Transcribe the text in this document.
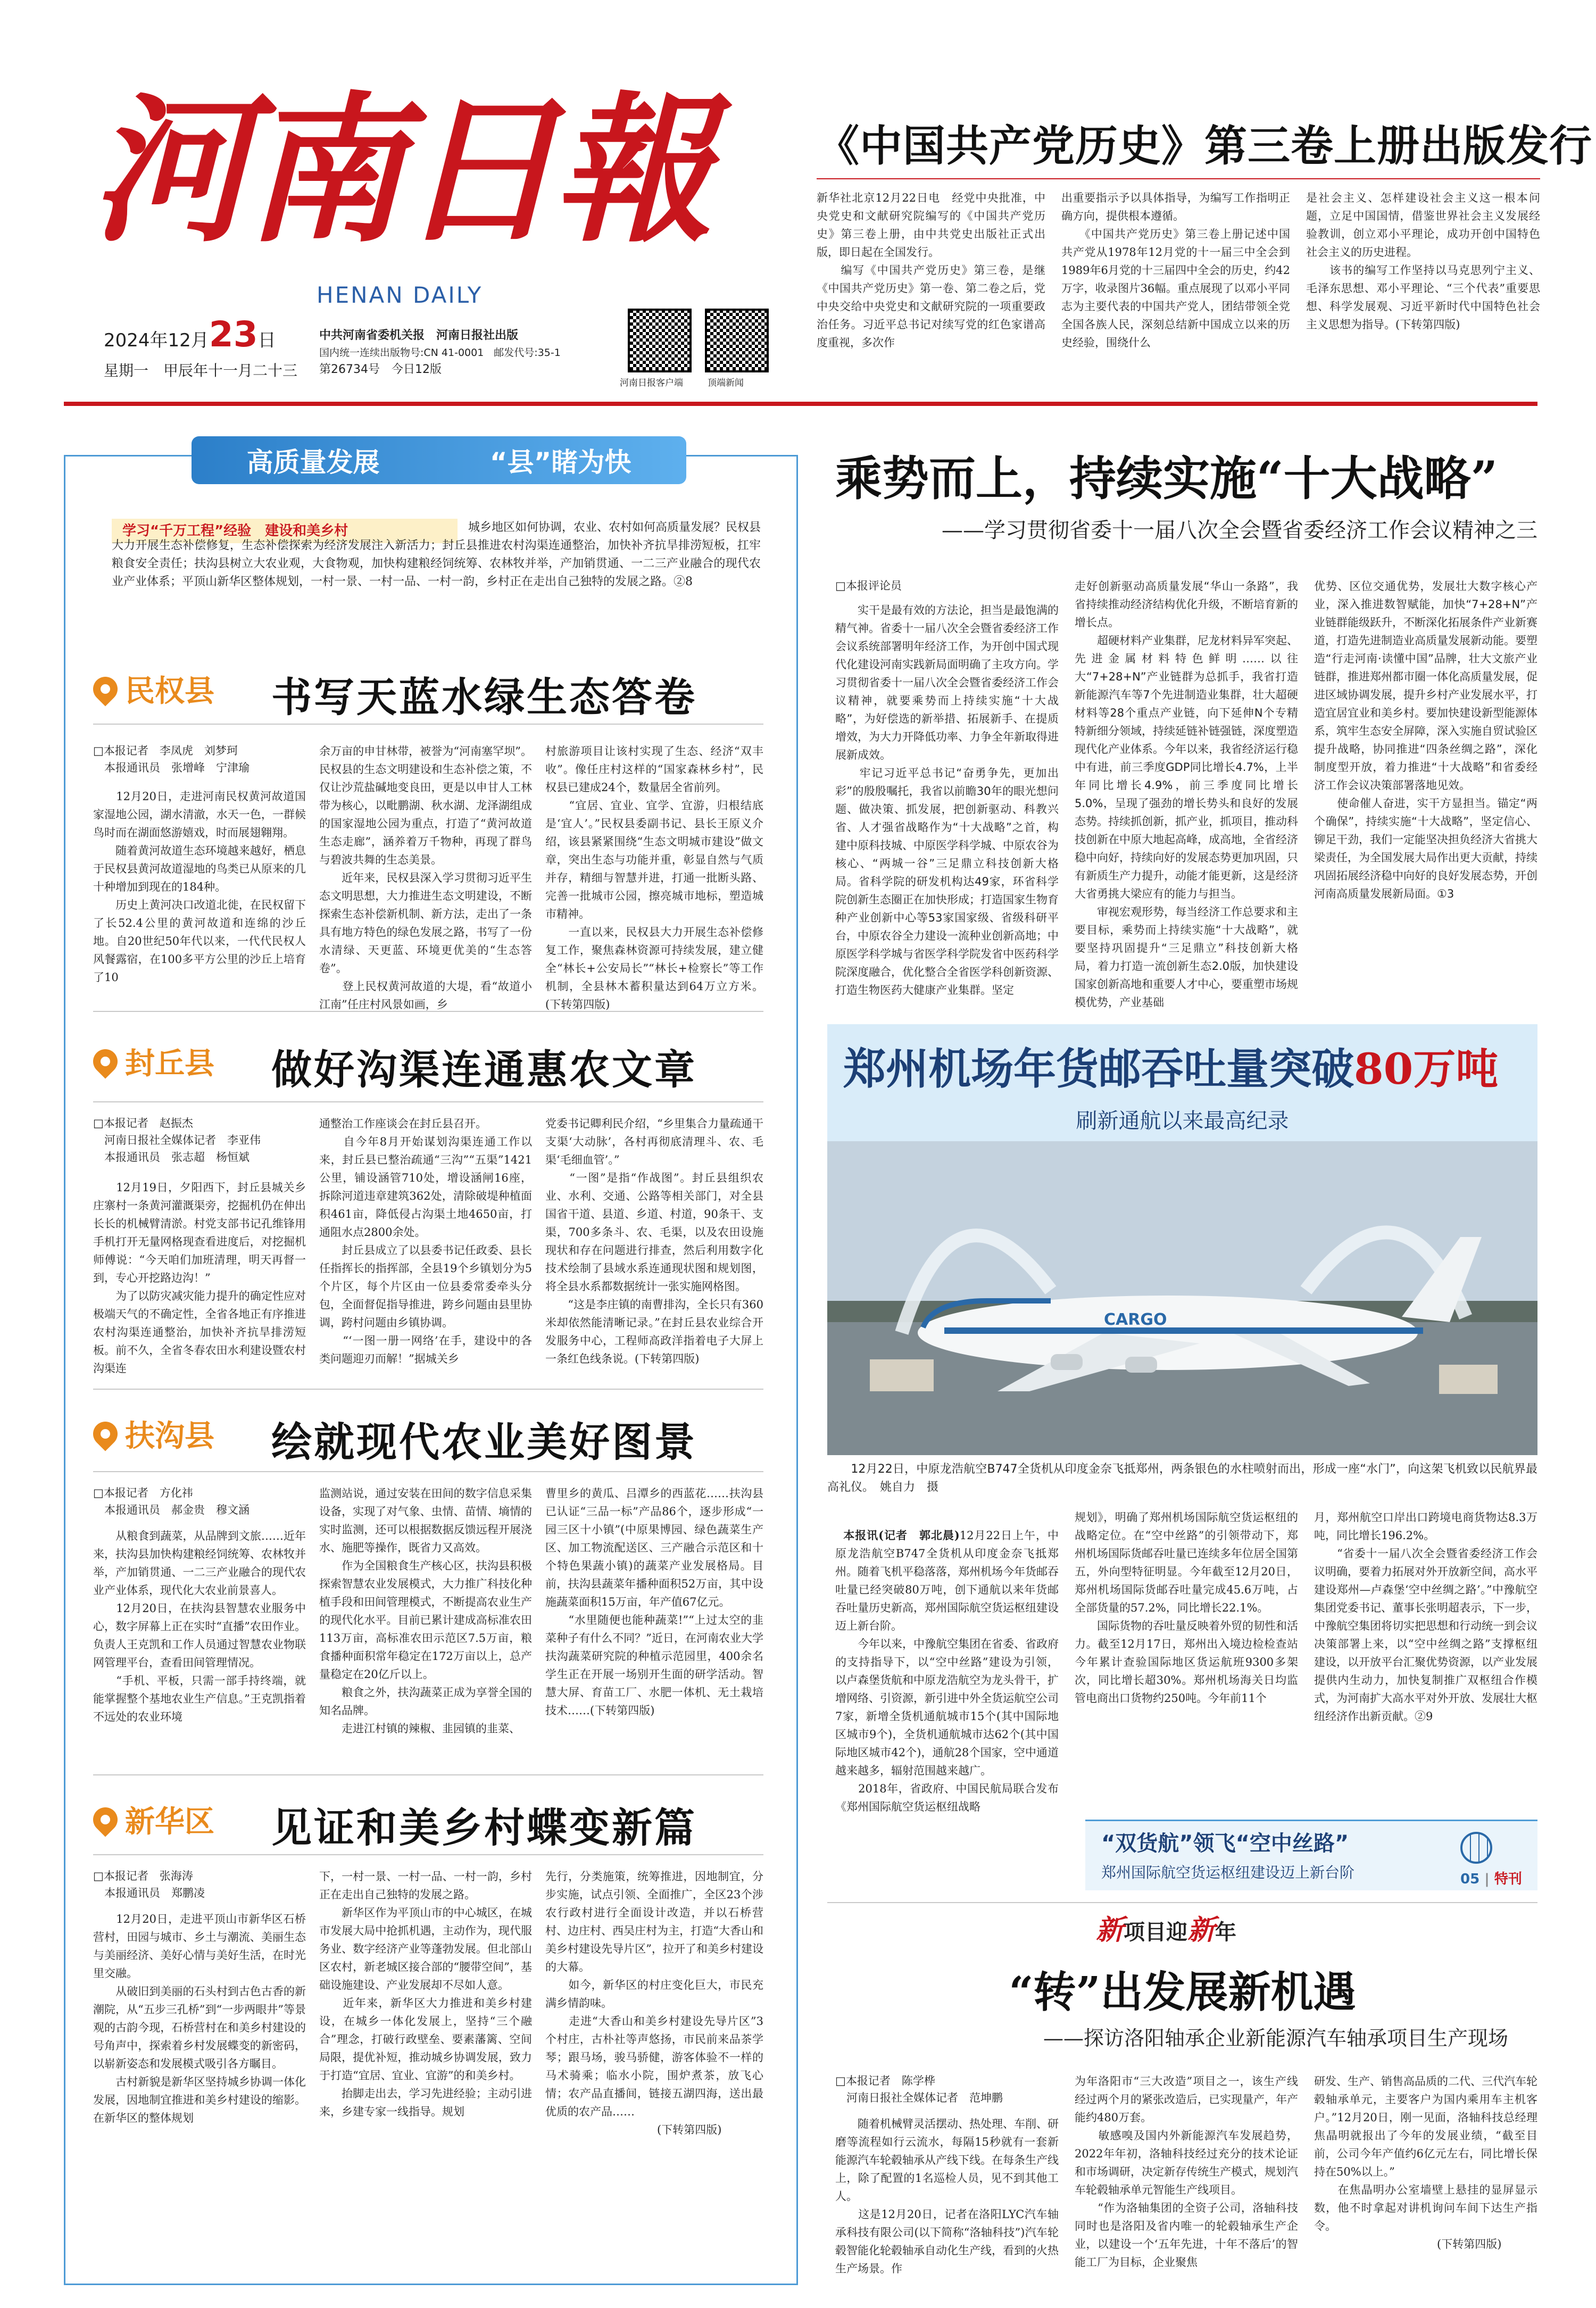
河南日報
HENAN DAILY
2024年12月23日
星期一　甲辰年十一月二十三
中共河南省委机关报　河南日报社出版
国内统一连续出版物号:CN 41-0001　邮发代号:35-1
第26734号　今日12版
河南日报客户端	顶端新闻
《中国共产党历史》第三卷上册出版发行
新华社北京12月22日电　经党中央批准，中央党史和文献研究院编写的《中国共产党历史》第三卷上册，由中共党史出版社正式出版，即日起在全国发行。
　　编写《中国共产党历史》第三卷，是继《中国共产党历史》第一卷、第二卷之后，党中央交给中央党史和文献研究院的一项重要政治任务。习近平总书记对续写党的红色家谱高度重视，多次作
出重要指示予以具体指导，为编写工作指明正确方向，提供根本遵循。
　　《中国共产党历史》第三卷上册记述中国共产党从1978年12月党的十一届三中全会到1989年6月党的十三届四中全会的历史，约42万字，收录图片36幅。重点展现了以邓小平同志为主要代表的中国共产党人，团结带领全党全国各族人民，深刻总结新中国成立以来的历史经验，围绕什么
是社会主义、怎样建设社会主义这一根本问题，立足中国国情，借鉴世界社会主义发展经验教训，创立邓小平理论，成功开创中国特色社会主义的历史进程。
　　该书的编写工作坚持以马克思列宁主义、毛泽东思想、邓小平理论、“三个代表”重要思想、科学发展观、习近平新时代中国特色社会主义思想为指导。(下转第四版)
高质量发展	“县”睹为快
学习“千万工程”经验　建设和美乡村	城乡地区如何协调，农业、农村如何高质量发展？民权县大力开展生态补偿修复，生态补偿探索为经济发展注入新活力；封丘县推进农村沟渠连通整治，加快补齐抗旱排涝短板，扛牢粮食安全责任；扶沟县树立大农业观，大食物观，加快构建粮经饲统筹、农林牧并举，产加销贯通、一二三产业融合的现代农业产业体系；平顶山新华区整体规划，一村一景、一村一品、一村一韵，乡村正在走出自己独特的发展之路。②8
民权县 书写天蓝水绿生态答卷
□本报记者　李凤虎　刘梦珂
　本报通讯员　张增峰　宁津瑜
　　12月20日，走进河南民权黄河故道国家湿地公园，湖水清澈，水天一色，一群候鸟时而在湖面悠游嬉戏，时而展翅翱翔。
　　随着黄河故道生态环境越来越好，栖息于民权县黄河故道湿地的鸟类已从原来的几十种增加到现在的184种。
　　历史上黄河决口改道北徙，在民权留下了长52.4公里的黄河故道和连绵的沙丘地。自20世纪50年代以来，一代代民权人风餐露宿，在100多平方公里的沙丘上培育了10
余万亩的申甘林带，被誉为“河南塞罕坝”。民权县的生态文明建设和生态补偿之策，不仅让沙荒盐碱地变良田，更是以申甘人工林带为核心，以毗鹏湖、秋水湖、龙泽湖组成的国家湿地公园为重点，打造了“黄河故道生态走廊”，涵养着万千物种，再现了群鸟与碧波共舞的生态美景。
　　近年来，民权县深入学习贯彻习近平生态文明思想，大力推进生态文明建设，不断探索生态补偿新机制、新方法，走出了一条具有地方特色的绿色发展之路，书写了一份水清绿、天更蓝、环境更优美的“生态答卷”。
　　登上民权黄河故道的大堤，看“故道小江南”任庄村风景如画，乡
村旅游项目让该村实现了生态、经济“双丰收”。像任庄村这样的“国家森林乡村”，民权县已建成24个，数量居全省前列。
　　“宜居、宜业、宜学、宜游，归根结底是‘宜人’。”民权县委副书记、县长王原义介绍，该县紧紧围绕“生态文明城市建设”做文章，突出生态与功能并重，彰显自然与气质并存，精细与智慧并进，打通一批断头路、完善一批城市公园，擦亮城市地标，塑造城市精神。
　　一直以来，民权县大力开展生态补偿修复工作，聚焦森林资源可持续发展，建立健全“林长+公安局长”“林长+检察长”等工作机制，全县林木蓄积量达到64万立方米。(下转第四版)
封丘县 做好沟渠连通惠农文章
□本报记者　赵振杰
　河南日报社全媒体记者　李亚伟
　本报通讯员　张志超　杨恒斌
　　12月19日，夕阳西下，封丘县城关乡庄寨村一条黄河灌溉渠旁，挖掘机仍在伸出长长的机械臂清淤。村党支部书记孔维锋用手机打开无量网格现查看进度后，对挖掘机师傅说：“今天咱们加班清理，明天再督一到，专心开挖路边沟！”
　　为了以防灾减灾能力提升的确定性应对极端天气的不确定性，全省各地正有序推进农村沟渠连通整治，加快补齐抗旱排涝短板。前不久，全省冬春农田水利建设暨农村沟渠连
通整治工作座谈会在封丘县召开。
　　自今年8月开始谋划沟渠连通工作以来，封丘县已整治疏通“三沟”“五渠”1421公里，铺设涵管710处，增设涵闸16座，拆除河道违章建筑362处，清除破堤种植面积461亩，降低侵占沟渠土地4650亩，打通阻水点2800余处。
　　封丘县成立了以县委书记任政委、县长任指挥长的指挥部，全县19个乡镇划分为5个片区，每个片区由一位县委常委牵头分包，全面督促指导推进，跨乡问题由县里协调，跨村问题由乡镇协调。
　　“‘一图一册一网络’在手，建设中的各类问题迎刃而解！”据城关乡
党委书记卿利民介绍，“乡里集合力量疏通干支渠‘大动脉’，各村再彻底清理斗、农、毛渠‘毛细血管’。”
　　“一图”是指“作战图”。封丘县组织农业、水利、交通、公路等相关部门，对全县国省干道、县道、乡道、村道，90条干、支渠，700多条斗、农、毛渠，以及农田设施现状和存在问题进行排查，然后利用数字化技术绘制了县域水系连通现状图和规划图，将全县水系都数据统计一张实施网格图。
　　“这是李庄镇的南曹排沟，全长只有360米却依然能清晰记录。”在封丘县农业综合开发服务中心，工程师高政洋指着电子大屏上一条红色线条说。(下转第四版)
扶沟县 绘就现代农业美好图景
□本报记者　方化祎
　本报通讯员　郝金贵　穆文涵
　　从粮食到蔬菜，从品牌到文旅……近年来，扶沟县加快构建粮经饲统筹、农林牧并举，产加销贯通、一二三产业融合的现代农业产业体系，现代化大农业前景喜人。
　　12月20日，在扶沟县智慧农业服务中心，数字屏幕上正在实时“直播”农田作业。负责人王克凯和工作人员通过智慧农业物联网管理平台，查看田间管理情况。
　　“手机、平板，只需一部手持终端，就能掌握整个基地农业生产信息。”王克凯指着不远处的农业环境
监测站说，通过安装在田间的数字信息采集设备，实现了对气象、虫情、苗情、墒情的实时监测，还可以根据数据反馈远程开展浇水、施肥等操作，既省力又高效。
　　作为全国粮食生产核心区，扶沟县积极探索智慧农业发展模式，大力推广科技化种植手段和田间管理模式，不断提高农业生产的现代化水平。目前已累计建成高标准农田113万亩，高标准农田示范区7.5万亩，粮食播种面积常年稳定在172万亩以上，总产量稳定在20亿斤以上。
　　粮食之外，扶沟蔬菜正成为享誉全国的知名品牌。
　　走进江村镇的辣椒、韭园镇的韭菜、
曹里乡的黄瓜、吕潭乡的西蓝花……扶沟县已认证“三品一标”产品86个，逐步形成“一园三区十小镇”(中原果博园、绿色蔬菜生产区、加工物流配送区、三产融合示范区和十个特色果蔬小镇)的蔬菜产业发展格局。目前，扶沟县蔬菜年播种面积52万亩，其中设施蔬菜面积15万亩，年产值67亿元。
　　“水里随便也能种蔬菜!”“上过太空的韭菜种子有什么不同？”近日，在河南农业大学扶沟蔬菜研究院的种植示范园里，400余名学生正在开展一场别开生面的研学活动。智慧大屏、育苗工厂、水肥一体机、无土栽培技术……(下转第四版)
新华区 见证和美乡村蝶变新篇
□本报记者　张海涛
　本报通讯员　郑鹏凌
　　12月20日，走进平顶山市新华区石桥营村，田园与城市、乡土与潮流、美丽生态与美丽经济、美好心情与美好生活，在时光里交融。
　　从破旧到美丽的石头村到古色古香的新潮院，从“五步三孔桥”到“一步两眼井”等景观的古韵今现，石桥营村在和美乡村建设的号角声中，探索着乡村发展蝶变的新密码，以崭新姿态和发展模式吸引各方瞩目。
　　古村新貌是新华区坚持城乡协调一体化发展，因地制宜推进和美乡村建设的缩影。在新华区的整体规划
下，一村一景、一村一品、一村一韵，乡村正在走出自己独特的发展之路。
　　新华区作为平顶山市的中心城区，在城市发展大局中抢抓机遇，主动作为，现代服务业、数字经济产业等蓬勃发展。但北部山区农村，新老城区接合部的“腰带空间”，基础设施建设、产业发展却不尽如人意。
　　近年来，新华区大力推进和美乡村建设，在城乡一体化发展上，坚持“三个融合”理念，打破行政壁垒、要素藩篱、空间局限，提优补短，推动城乡协调发展，致力于打造“宜居、宜业、宜游”的和美乡村。
　　抬脚走出去，学习先进经验；主动引进来，乡建专家一线指导。规划
先行，分类施策，统筹推进，因地制宜，分步实施，试点引领、全面推广，全区23个涉农行政村进行全面设计改造，并以石桥营村、边庄村、西吴庄村为主，打造“大香山和美乡村建设先导片区”，拉开了和美乡村建设的大幕。
　　如今，新华区的村庄变化巨大，市民充满乡情韵味。
　　走进“大香山和美乡村建设先导片区”3个村庄，古朴社等声悠扬，市民前来品茶学琴；跟马场，骏马骄健，游客体验不一样的马术骑乘；临水小院，围炉煮茶，放飞心情；农产品直播间，链接五湖四海，送出最优质的农产品……
　　　　　　　　　　(下转第四版)
乘势而上，持续实施“十大战略”
——学习贯彻省委十一届八次全会暨省委经济工作会议精神之三
□本报评论员
　　实干是最有效的方法论，担当是最饱满的精气神。省委十一届八次全会暨省委经济工作会议系统部署明年经济工作，为开创中国式现代化建设河南实践新局面明确了主攻方向。学习贯彻省委十一届八次全会暨省委经济工作会议精神，就要乘势而上持续实施“十大战略”，为好偿选的新举措、拓展新手、在提质增效，为大力开降低功率、力争全年新取得进展新成效。
　　牢记习近平总书记“奋勇争先，更加出彩”的殷殷嘱托，我省以前瞻30年的眼光想问题、做决策、抓发展，把创新驱动、科教兴省、人才强省战略作为“十大战略”之首，构建中原科技城、中原医学科学城、中原农谷为核心、“两城一谷”三足鼎立科技创新大格局。省科学院的研发机构达49家，环省科学院创新生态圈正在加快形成；打造国家生物育种产业创新中心等53家国家级、省级科研平台，中原农谷全力建设一流种业创新高地；中原医学科学城与省医学科学院发省中医药科学院深度融合，优化整合全省医学科创新资源、打造生物医药大健康产业集群。坚定
走好创新驱动高质量发展“华山一条路”，我省持续推动经济结构优化升级，不断培育新的增长点。
　　超硬材料产业集群，尼龙材料异军突起、先进金属材料特色鲜明……以往大“7+28+N”产业链群为总抓手，我省打造新能源汽车等7个先进制造业集群，壮大超硬材料等28个重点产业链，向下延伸N个专精特新细分领域，持续延链补链强链，深度塑造现代化产业体系。今年以来，我省经济运行稳中有进，前三季度GDP同比增长4.7%，上半年同比增长4.9%，前三季度同比增长5.0%，呈现了强劲的增长势头和良好的发展态势。持续抓创新，抓产业，抓项目，推动科技创新在中原大地起高峰，成高地，全省经济稳中向好，持续向好的发展态势更加巩固，只有新质生产力提升，动能才能更新，这是经济大省勇挑大梁应有的能力与担当。
　　审视宏观形势，每当经济工作总要求和主要目标，乘势而上持续实施“十大战略”，就要坚持巩固提升“三足鼎立”科技创新大格局，着力打造一流创新生态2.0版，加快建设国家创新高地和重要人才中心，要重塑市场规模优势，产业基础
优势、区位交通优势，发展壮大数字核心产业，深入推进数智赋能，加快“7+28+N”产业链群能级跃升，不断深化拓展条件产业新赛道，打造先进制造业高质量发展新动能。要塑造“行走河南·读懂中国”品牌，壮大文旅产业链群，推进郑州都市圈一体化高质量发展，促进区域协调发展，提升乡村产业发展水平，打造宜居宜业和美乡村。要加快建设新型能源体系，筑牢生态安全屏障，深入实施自贸试验区提升战略，协同推进“四条丝绸之路”，深化制度型开放，着力推进“十大战略”和省委经济工作会议决策部署落地见效。
　　使命催人奋进，实干方显担当。锚定“两个确保”，持续实施“十大战略”，坚定信心、铆足干劲，我们一定能坚决担负经济大省挑大梁责任，为全国发展大局作出更大贡献，持续巩固拓展经济稳中向好的良好发展态势，开创河南高质量发展新局面。①3
郑州机场年货邮吞吐量突破80万吨
刷新通航以来最高纪录
CARGO
　　12月22日，中原龙浩航空B747全货机从印度金奈飞抵郑州，两条银色的水柱喷射而出，形成一座“水门”，向这架飞机致以民航界最高礼仪。　姚自力　摄

本报讯(记者　郭北晨)12月22日上午，中原龙浩航空B747全货机从印度金奈飞抵郑州。随着飞机平稳落落，郑州机场今年货邮吞吐量已经突破80万吨，创下通航以来年货邮吞吐量历史新高，郑州国际航空货运枢纽建设迈上新台阶。
　　今年以来，中豫航空集团在省委、省政府的支持指导下，以“空中丝路”建设为引领，以卢森堡货航和中原龙浩航空为龙头骨干，扩增网络、引资源，新引进中外全货运航空公司7家，新增全货机通航城市15个(其中国际地区城市9个)，全货机通航城市达62个(其中国际地区城市42个)，通航28个国家，空中通道越来越多，辐射范围越来越广。
　　2018年，省政府、中国民航局联合发布《郑州国际航空货运枢纽战略

规划》，明确了郑州机场国际航空货运枢纽的战略定位。在“空中丝路”的引领带动下，郑州机场国际货邮吞吐量已连续多年位居全国第五，外向型特征明显。今年截至12月20日，郑州机场国际货邮吞吐量完成45.6万吨，占全部货量的57.2%，同比增长22.1%。
　　国际货物的吞吐量反映着外贸的韧性和活力。截至12月17日，郑州出入境边检检查站今年累计查验国际地区货运航班9300多架次，同比增长超30%。郑州机场海关日均监管电商出口货物约250吨。今年前11个
月，郑州航空口岸出口跨境电商货物达8.3万吨，同比增长196.2%。
　　“省委十一届八次全会暨省委经济工作会议明确，要着力拓展对外开放新空间，高水平建设郑州—卢森堡‘空中丝绸之路’。”中豫航空集团党委书记、董事长张明超表示，下一步，中豫航空集团将切实把思想和行动统一到会议决策部署上来，以“空中丝绸之路”支撑枢纽建设，以开放平台汇聚优势资源，以产业发展提供内生动力，加快复制推广双枢纽合作模式，为河南扩大高水平对外开放、发展壮大枢纽经济作出新贡献。②9
“双货航”领飞“空中丝路”
郑州国际航空货运枢纽建设迈上新台阶	05 | 特刊
新项目迎新年
“转”出发展新机遇
——探访洛阳轴承企业新能源汽车轴承项目生产现场
□本报记者　陈学桦
　河南日报社全媒体记者　范坤鹏
　　随着机械臂灵活摆动、热处理、车削、研磨等流程如行云流水，每隔15秒就有一套新能源汽车轮毂轴承从产线下线。在每条生产线上，除了配置的1名巡检人员，见不到其他工人。
　　这是12月20日，记者在洛阳LYC汽车轴承科技有限公司(以下简称“洛轴科技”)汽车轮毂智能化轮毂轴承自动化生产线，看到的火热生产场景。作
为年洛阳市“三大改造”项目之一，该生产线经过两个月的紧张改造后，已实现量产，年产能约480万套。
　　敏感嗅及国内外新能源汽车发展趋势，2022年年初，洛轴科技经过充分的技术论证和市场调研，决定新存传统生产模式，规划汽车轮毂轴承单元智能生产线项目。
　　“作为洛轴集团的全资子公司，洛轴科技同时也是洛阳及省内唯一的轮毂轴承生产企业，以建设一个‘五年先进，十年不落后’的智能工厂为目标，企业聚焦
研发、生产、销售高品质的二代、三代汽车轮毂轴承单元，主要客户为国内乘用车主机客户。”12月20日，刚一见面，洛轴科技总经理焦晶明就报出了今年的发展业绩，“截至目前，公司今年产值约6亿元左右，同比增长保持在50%以上。”
　　在焦晶明办公室墙壁上悬挂的显屏显示数，他不时拿起对讲机询问车间下达生产指令。
　　　　　　　　　　　(下转第四版)
